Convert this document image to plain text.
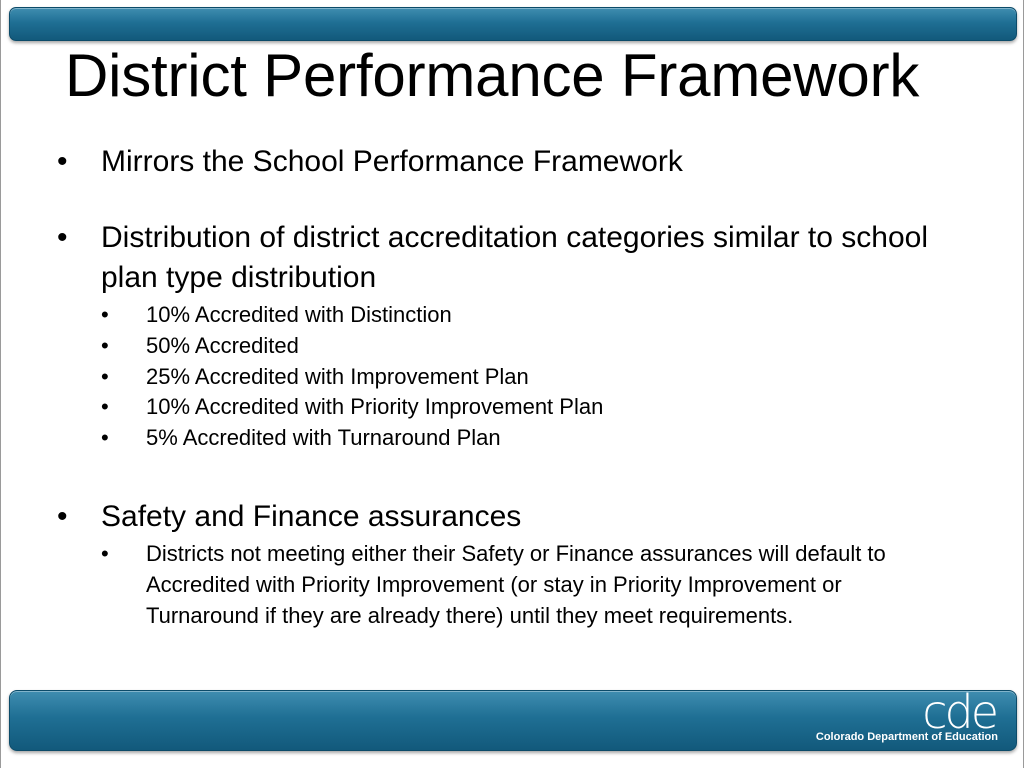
District Performance Framework
•	Mirrors the School Performance Framework
•	Distribution of district accreditation categories similar to school plan type distribution
•	10% Accredited with Distinction
•	50% Accredited
•	25% Accredited with Improvement Plan
•	10% Accredited with Priority Improvement Plan
•	5% Accredited with Turnaround Plan
•	Safety and Finance assurances
•	Districts not meeting either their Safety or Finance assurances will default to Accredited with Priority Improvement (or stay in Priority Improvement or Turnaround if they are already there) until they meet requirements.
cde
Colorado Department of Education
